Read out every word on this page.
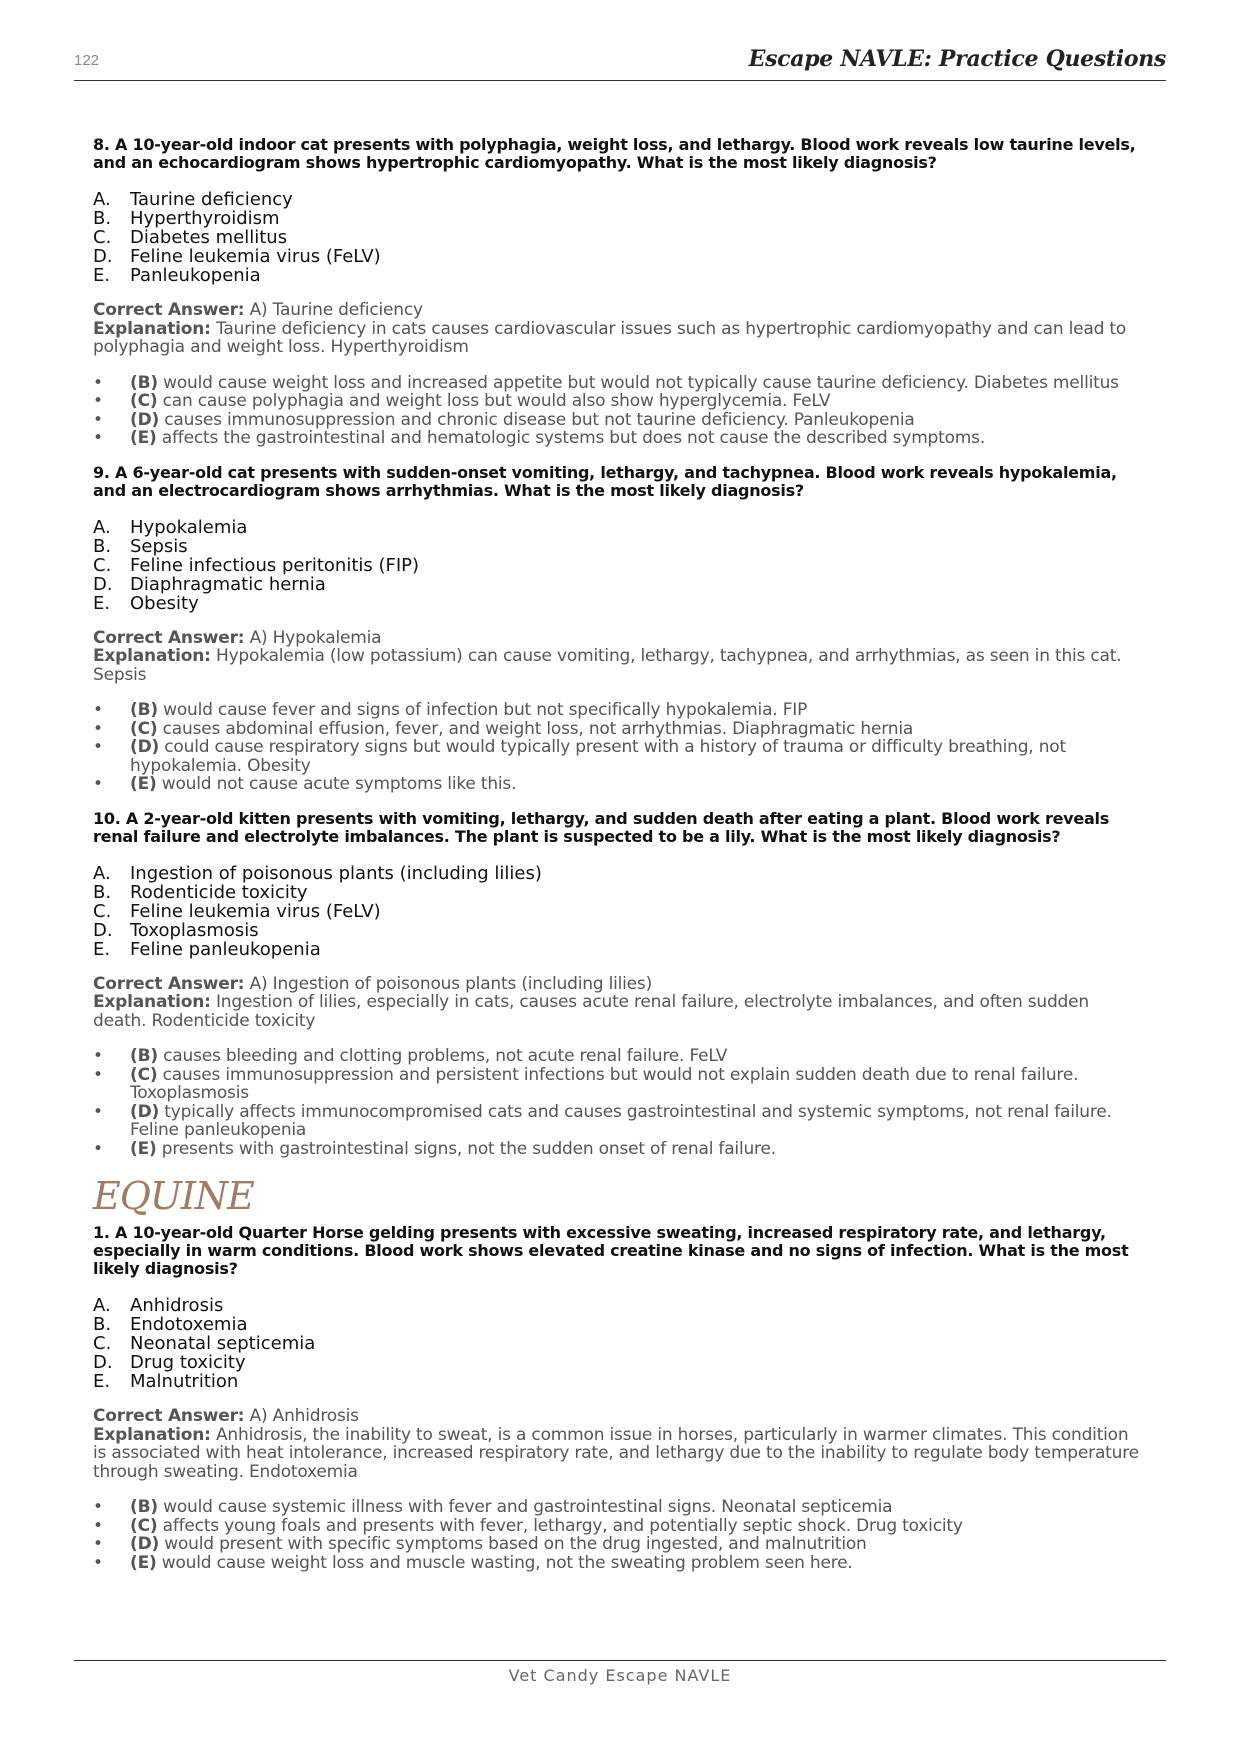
122	Escape NAVLE: Practice Questions
8. A 10-year-old indoor cat presents with polyphagia, weight loss, and lethargy. Blood work reveals low taurine levels, and an echocardiogram shows hypertrophic cardiomyopathy. What is the most likely diagnosis?
A. Taurine deficiency
B. Hyperthyroidism
C. Diabetes mellitus
D. Feline leukemia virus (FeLV)
E. Panleukopenia
Correct Answer: A) Taurine deficiency
Explanation: Taurine deficiency in cats causes cardiovascular issues such as hypertrophic cardiomyopathy and can lead to polyphagia and weight loss. Hyperthyroidism
• (B) would cause weight loss and increased appetite but would not typically cause taurine deficiency. Diabetes mellitus
• (C) can cause polyphagia and weight loss but would also show hyperglycemia. FeLV
• (D) causes immunosuppression and chronic disease but not taurine deficiency. Panleukopenia
• (E) affects the gastrointestinal and hematologic systems but does not cause the described symptoms.
9. A 6-year-old cat presents with sudden-onset vomiting, lethargy, and tachypnea. Blood work reveals hypokalemia, and an electrocardiogram shows arrhythmias. What is the most likely diagnosis?
A. Hypokalemia
B. Sepsis
C. Feline infectious peritonitis (FIP)
D. Diaphragmatic hernia
E. Obesity
Correct Answer: A) Hypokalemia
Explanation: Hypokalemia (low potassium) can cause vomiting, lethargy, tachypnea, and arrhythmias, as seen in this cat. Sepsis
• (B) would cause fever and signs of infection but not specifically hypokalemia. FIP
• (C) causes abdominal effusion, fever, and weight loss, not arrhythmias. Diaphragmatic hernia
• (D) could cause respiratory signs but would typically present with a history of trauma or difficulty breathing, not hypokalemia. Obesity
• (E) would not cause acute symptoms like this.
10. A 2-year-old kitten presents with vomiting, lethargy, and sudden death after eating a plant. Blood work reveals renal failure and electrolyte imbalances. The plant is suspected to be a lily. What is the most likely diagnosis?
A. Ingestion of poisonous plants (including lilies)
B. Rodenticide toxicity
C. Feline leukemia virus (FeLV)
D. Toxoplasmosis
E. Feline panleukopenia
Correct Answer: A) Ingestion of poisonous plants (including lilies)
Explanation: Ingestion of lilies, especially in cats, causes acute renal failure, electrolyte imbalances, and often sudden death. Rodenticide toxicity
• (B) causes bleeding and clotting problems, not acute renal failure. FeLV
• (C) causes immunosuppression and persistent infections but would not explain sudden death due to renal failure. Toxoplasmosis
• (D) typically affects immunocompromised cats and causes gastrointestinal and systemic symptoms, not renal failure. Feline panleukopenia
• (E) presents with gastrointestinal signs, not the sudden onset of renal failure.
EQUINE
1. A 10-year-old Quarter Horse gelding presents with excessive sweating, increased respiratory rate, and lethargy, especially in warm conditions. Blood work shows elevated creatine kinase and no signs of infection. What is the most likely diagnosis?
A. Anhidrosis
B. Endotoxemia
C. Neonatal septicemia
D. Drug toxicity
E. Malnutrition
Correct Answer: A) Anhidrosis
Explanation: Anhidrosis, the inability to sweat, is a common issue in horses, particularly in warmer climates. This condition is associated with heat intolerance, increased respiratory rate, and lethargy due to the inability to regulate body temperature through sweating. Endotoxemia
• (B) would cause systemic illness with fever and gastrointestinal signs. Neonatal septicemia
• (C) affects young foals and presents with fever, lethargy, and potentially septic shock. Drug toxicity
• (D) would present with specific symptoms based on the drug ingested, and malnutrition
• (E) would cause weight loss and muscle wasting, not the sweating problem seen here.
Vet Candy Escape NAVLE
